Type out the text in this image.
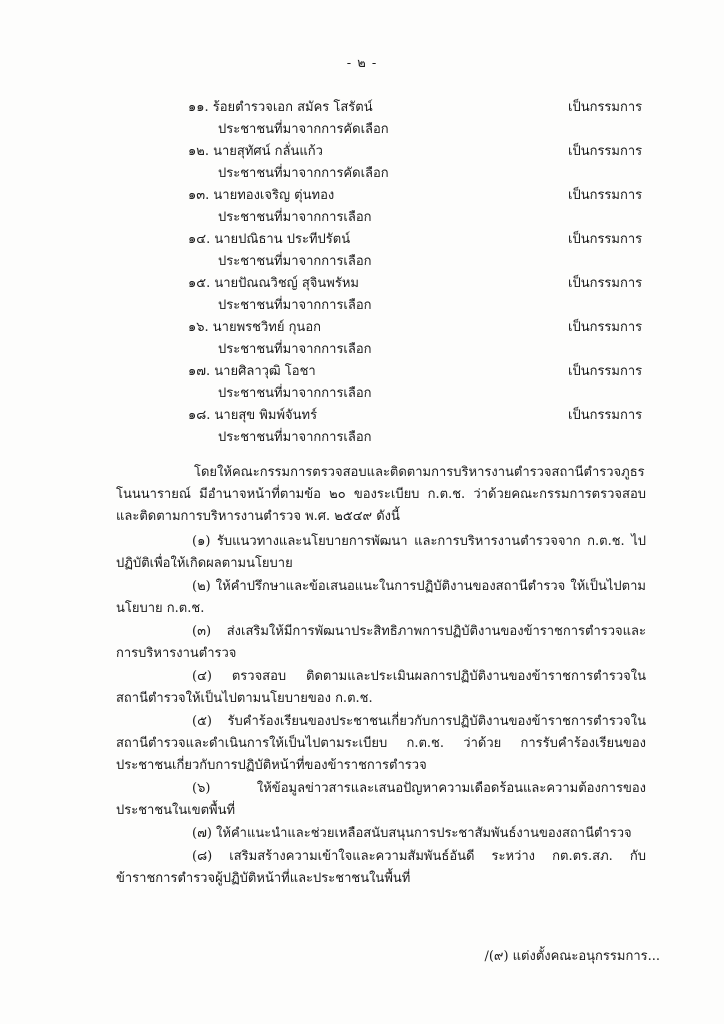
- ๒ -
๑๑. ร้อยตำรวจเอก สมัคร โสรัตน์	เป็นกรรมการ
ประชาชนที่มาจากการคัดเลือก
๑๒. นายสุทัศน์ กลั่นแก้ว	เป็นกรรมการ
ประชาชนที่มาจากการคัดเลือก
๑๓. นายทองเจริญ ตุ่นทอง	เป็นกรรมการ
ประชาชนที่มาจากการเลือก
๑๔. นายปณิธาน ประทีปรัตน์	เป็นกรรมการ
ประชาชนที่มาจากการเลือก
๑๕. นายปัณณวิชญ์ สุจินพรัหม	เป็นกรรมการ
ประชาชนที่มาจากการเลือก
๑๖. นายพรชวิทย์ กุนอก	เป็นกรรมการ
ประชาชนที่มาจากการเลือก
๑๗. นายศิลาวุฒิ โอชา	เป็นกรรมการ
ประชาชนที่มาจากการเลือก
๑๘. นายสุข พิมพ์จันทร์	เป็นกรรมการ
ประชาชนที่มาจากการเลือก

โดยให้คณะกรรมการตรวจสอบและติดตามการบริหารงานตำรวจสถานีตำรวจภูธรโนนนารายณ์ มีอำนาจหน้าที่ตามข้อ ๒๐ ของระเบียบ ก.ต.ช. ว่าด้วยคณะกรรมการตรวจสอบและติดตามการบริหารงานตำรวจ พ.ศ. ๒๕๔๙ ดังนี้

(๑) รับแนวทางและนโยบายการพัฒนา และการบริหารงานตำรวจจาก ก.ต.ช. ไปปฏิบัติเพื่อให้เกิดผลตามนโยบาย

(๒) ให้คำปรึกษาและข้อเสนอแนะในการปฏิบัติงานของสถานีตำรวจ ให้เป็นไปตามนโยบาย ก.ต.ช.

(๓) ส่งเสริมให้มีการพัฒนาประสิทธิภาพการปฏิบัติงานของข้าราชการตำรวจและการบริหารงานตำรวจ

(๔) ตรวจสอบ ติดตามและประเมินผลการปฏิบัติงานของข้าราชการตำรวจในสถานีตำรวจให้เป็นไปตามนโยบายของ ก.ต.ช.

(๕) รับคำร้องเรียนของประชาชนเกี่ยวกับการปฏิบัติงานของข้าราชการตำรวจในสถานีตำรวจและดำเนินการให้เป็นไปตามระเบียบ ก.ต.ช. ว่าด้วย การรับคำร้องเรียนของประชาชนเกี่ยวกับการปฏิบัติหน้าที่ของข้าราชการตำรวจ

(๖) ให้ข้อมูลข่าวสารและเสนอปัญหาความเดือดร้อนและความต้องการของประชาชนในเขตพื้นที่

(๗) ให้คำแนะนำและช่วยเหลือสนับสนุนการประชาสัมพันธ์งานของสถานีตำรวจ

(๘) เสริมสร้างความเข้าใจและความสัมพันธ์อันดี ระหว่าง กต.ตร.สภ. กับข้าราชการตำรวจผู้ปฏิบัติหน้าที่และประชาชนในพื้นที่

/(๙) แต่งตั้งคณะอนุกรรมการ...
